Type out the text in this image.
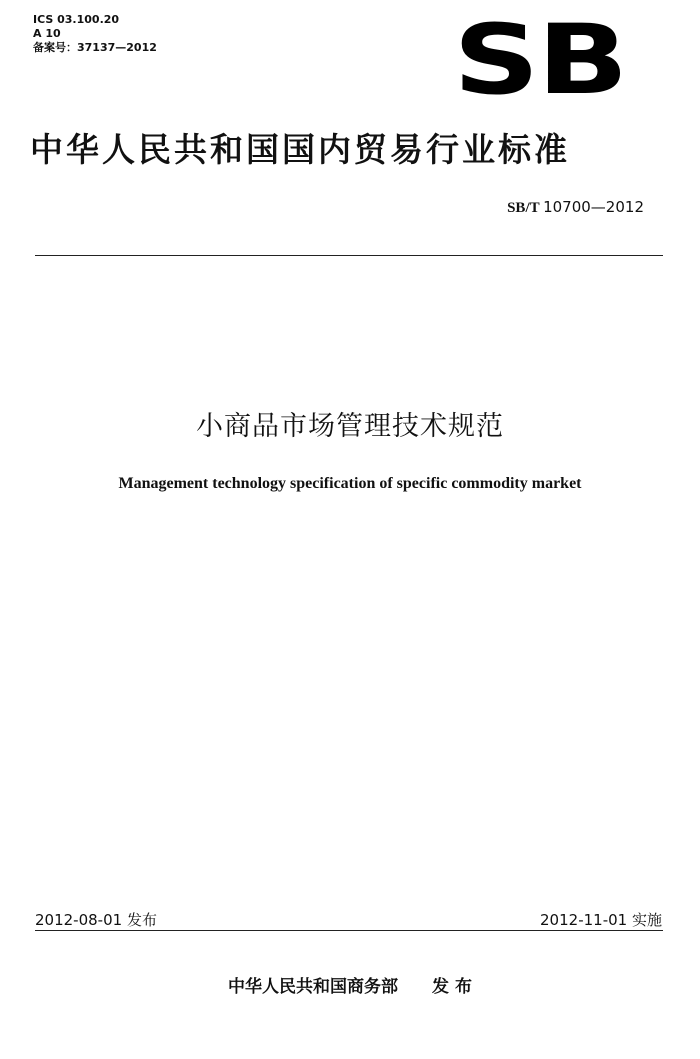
ICS 03.100.20
A 10
备案号：37137—2012	SB
中华人民共和国国内贸易行业标准
SB/T 10700—2012
小商品市场管理技术规范
Management technology specification of specific commodity market
2012-08-01 发布	2012-11-01 实施
中华人民共和国商务部 发 布
